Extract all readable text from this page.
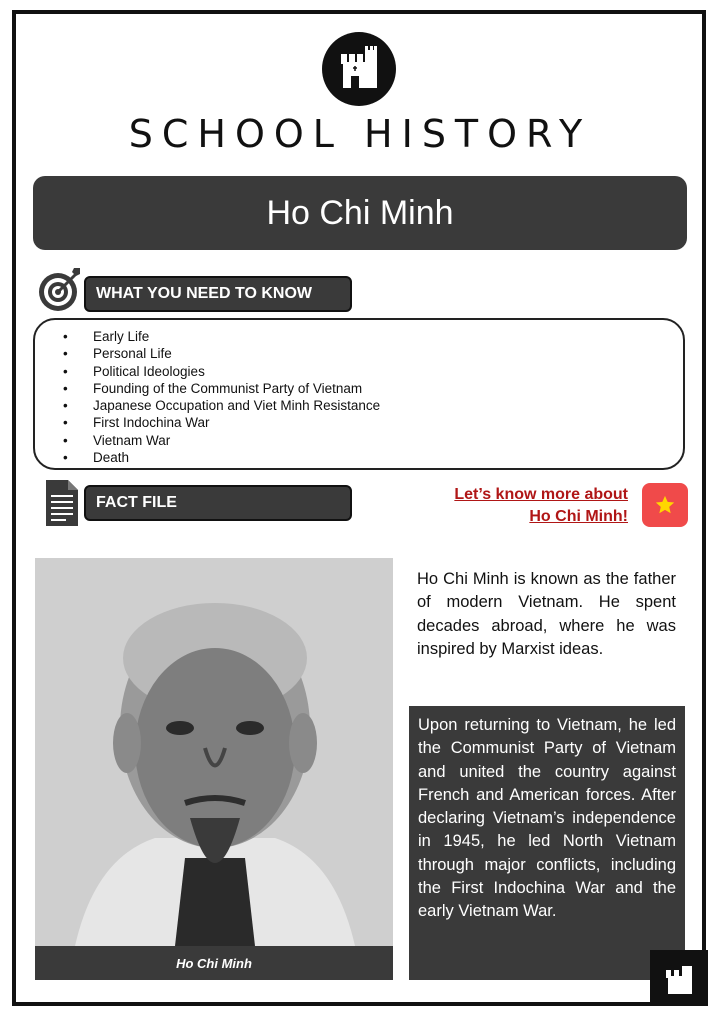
SCHOOL HISTORY
Ho Chi Minh
WHAT YOU NEED TO KNOW
• Early Life
• Personal Life
• Political Ideologies
• Founding of the Communist Party of Vietnam
• Japanese Occupation and Viet Minh Resistance
• First Indochina War
• Vietnam War
• Death
FACT FILE	Let’s know more about
Ho Chi Minh!
Ho Chi Minh
Ho Chi Minh is known as the father of modern Vietnam. He spent decades abroad, where he was inspired by Marxist ideas.

Upon returning to Vietnam, he led the Communist Party of Vietnam and united the country against French and American forces. After declaring Vietnam’s independence in 1945, he led North Vietnam through major conflicts, including the First Indochina War and the early Vietnam War.
